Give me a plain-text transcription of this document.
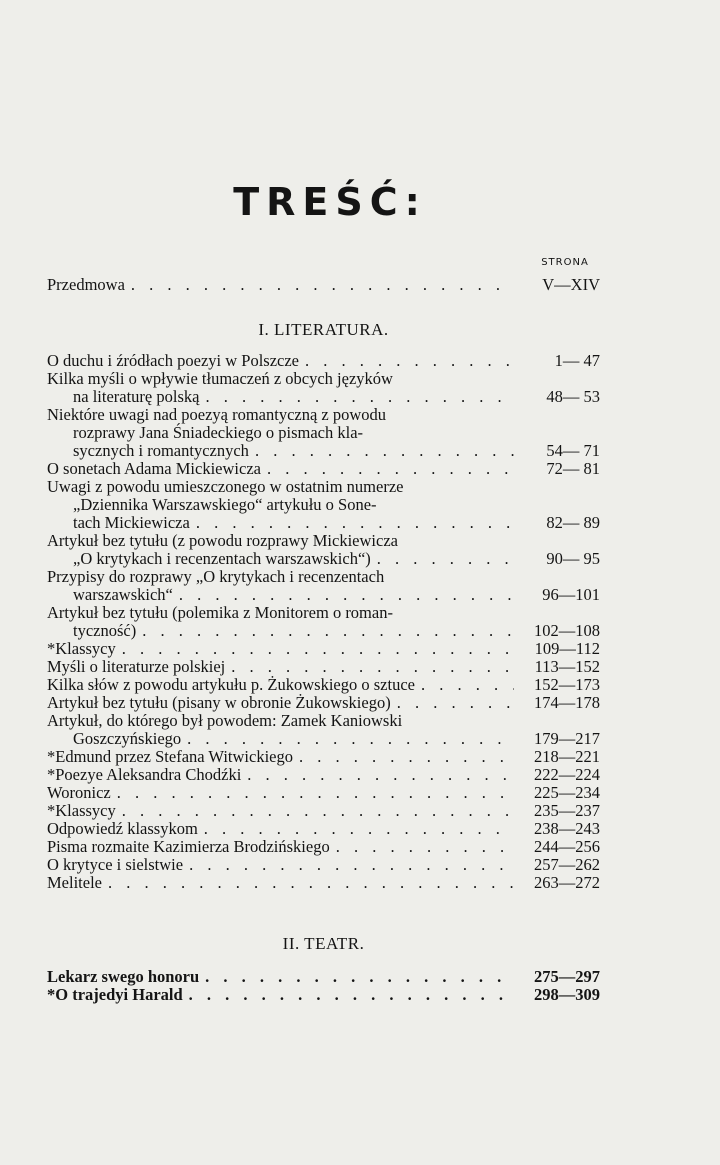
TREŚĆ:
STRONA
Przedmowa . . .	V—XIV
I. LITERATURA.
O duchu i źródłach poezyi w Polszcze . . .	1— 47
Kilka myśli o wpływie tłumaczeń z obcych języków
na literaturę polską . . .	48— 53
Niektóre uwagi nad poezyą romantyczną z powodu
rozprawy Jana Śniadeckiego o pismach kla-
sycznych i romantycznych . . .	54— 71
O sonetach Adama Mickiewicza . . .	72— 81
Uwagi z powodu umieszczonego w ostatnim numerze
„Dziennika Warszawskiego“ artykułu o Sone-
tach Mickiewicza . . .	82— 89
Artykuł bez tytułu (z powodu rozprawy Mickiewicza
„O krytykach i recenzentach warszawskich“) . . .	90— 95
Przypisy do rozprawy „O krytykach i recenzentach
warszawskich“ . . .	96—101
Artykuł bez tytułu (polemika z Monitorem o roman-
tyczność) . . .	102—108
*Klassycy . . .	109—112
Myśli o literaturze polskiej . . .	113—152
Kilka słów z powodu artykułu p. Żukowskiego o sztuce . . .	152—173
Artykuł bez tytułu (pisany w obronie Żukowskiego) . . .	174—178
Artykuł, do którego był powodem: Zamek Kaniowski
Goszczyńskiego . . .	179—217
*Edmund przez Stefana Witwickiego . . .	218—221
*Poezye Aleksandra Chodźki . . .	222—224
Woronicz . . .	225—234
*Klassycy . . .	235—237
Odpowiedź klassykom . . .	238—243
Pisma rozmaite Kazimierza Brodzińskiego . . .	244—256
O krytyce i sielstwie . . .	257—262
Melitele . . .	263—272
II. TEATR.
Lekarz swego honoru . . .	275—297
*O trajedyi Harald . . .	298—309
